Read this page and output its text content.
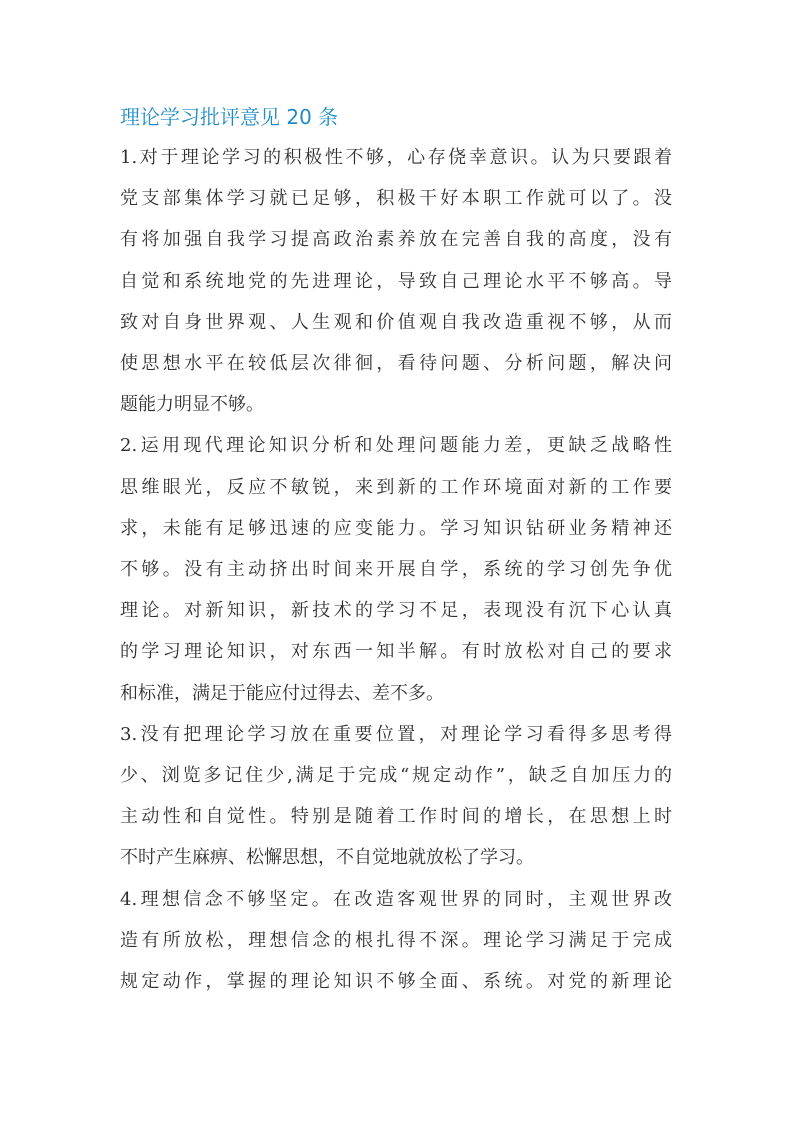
理论学习批评意见 20 条
1.对于理论学习的积极性不够，心存侥幸意识。认为只要跟着
党支部集体学习就已足够，积极干好本职工作就可以了。没
有将加强自我学习提高政治素养放在完善自我的高度，没有
自觉和系统地党的先进理论，导致自己理论水平不够高。导
致对自身世界观、人生观和价值观自我改造重视不够，从而
使思想水平在较低层次徘徊，看待问题、分析问题，解决问
题能力明显不够。
2.运用现代理论知识分析和处理问题能力差，更缺乏战略性
思维眼光，反应不敏锐，来到新的工作环境面对新的工作要
求，未能有足够迅速的应变能力。学习知识钻研业务精神还
不够。没有主动挤出时间来开展自学，系统的学习创先争优
理论。对新知识，新技术的学习不足，表现没有沉下心认真
的学习理论知识，对东西一知半解。有时放松对自己的要求
和标准，满足于能应付过得去、差不多。
3.没有把理论学习放在重要位置，对理论学习看得多思考得
少、浏览多记住少,满足于完成“规定动作”，缺乏自加压力的
主动性和自觉性。特别是随着工作时间的增长，在思想上时
不时产生麻痹、松懈思想，不自觉地就放松了学习。
4.理想信念不够坚定。在改造客观世界的同时，主观世界改
造有所放松，理想信念的根扎得不深。理论学习满足于完成
规定动作，掌握的理论知识不够全面、系统。对党的新理论
